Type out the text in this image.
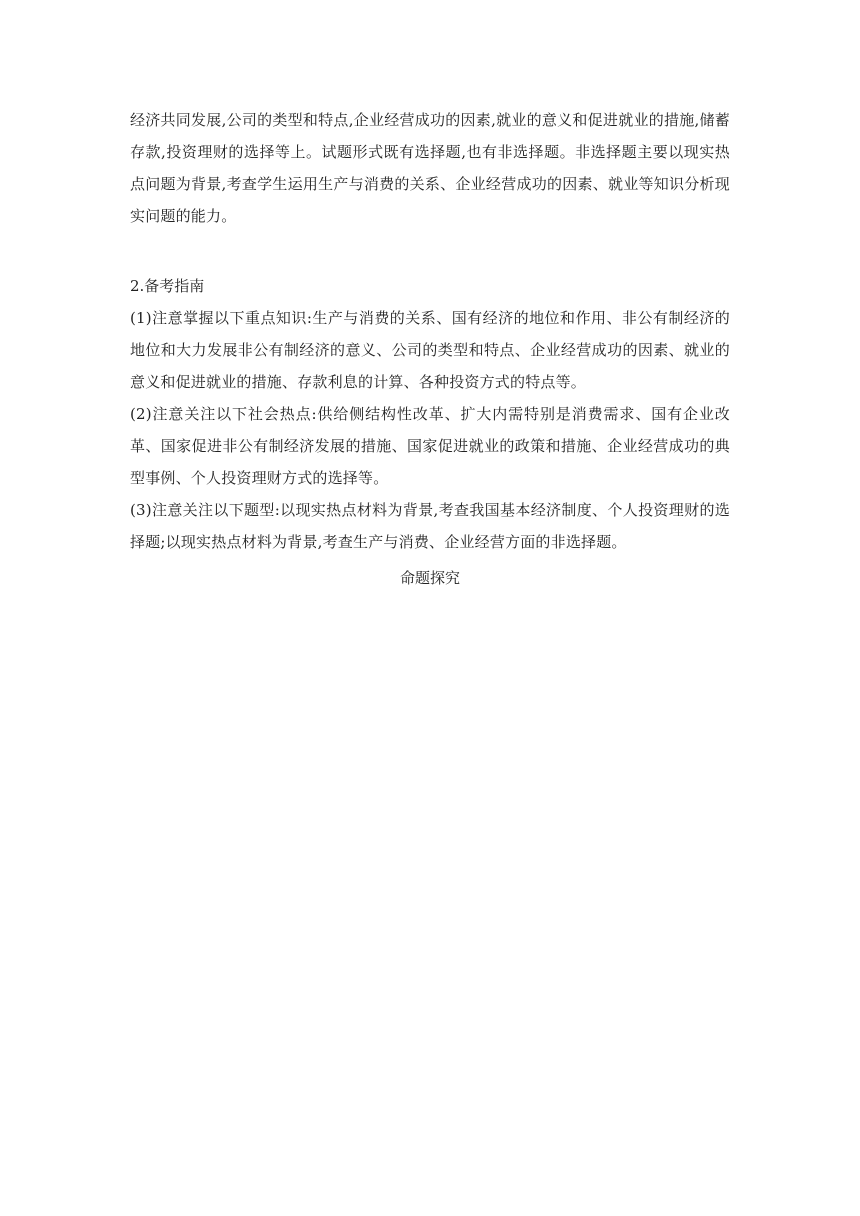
经济共同发展,公司的类型和特点,企业经营成功的因素,就业的意义和促进就业的措施,储蓄存款,投资理财的选择等上。试题形式既有选择题,也有非选择题。非选择题主要以现实热点问题为背景,考查学生运用生产与消费的关系、企业经营成功的因素、就业等知识分析现实问题的能力。

2.备考指南

(1)注意掌握以下重点知识:生产与消费的关系、国有经济的地位和作用、非公有制经济的地位和大力发展非公有制经济的意义、公司的类型和特点、企业经营成功的因素、就业的意义和促进就业的措施、存款利息的计算、各种投资方式的特点等。

(2)注意关注以下社会热点:供给侧结构性改革、扩大内需特别是消费需求、国有企业改革、国家促进非公有制经济发展的措施、国家促进就业的政策和措施、企业经营成功的典型事例、个人投资理财方式的选择等。

(3)注意关注以下题型:以现实热点材料为背景,考查我国基本经济制度、个人投资理财的选择题;以现实热点材料为背景,考查生产与消费、企业经营方面的非选择题。

命题探究
